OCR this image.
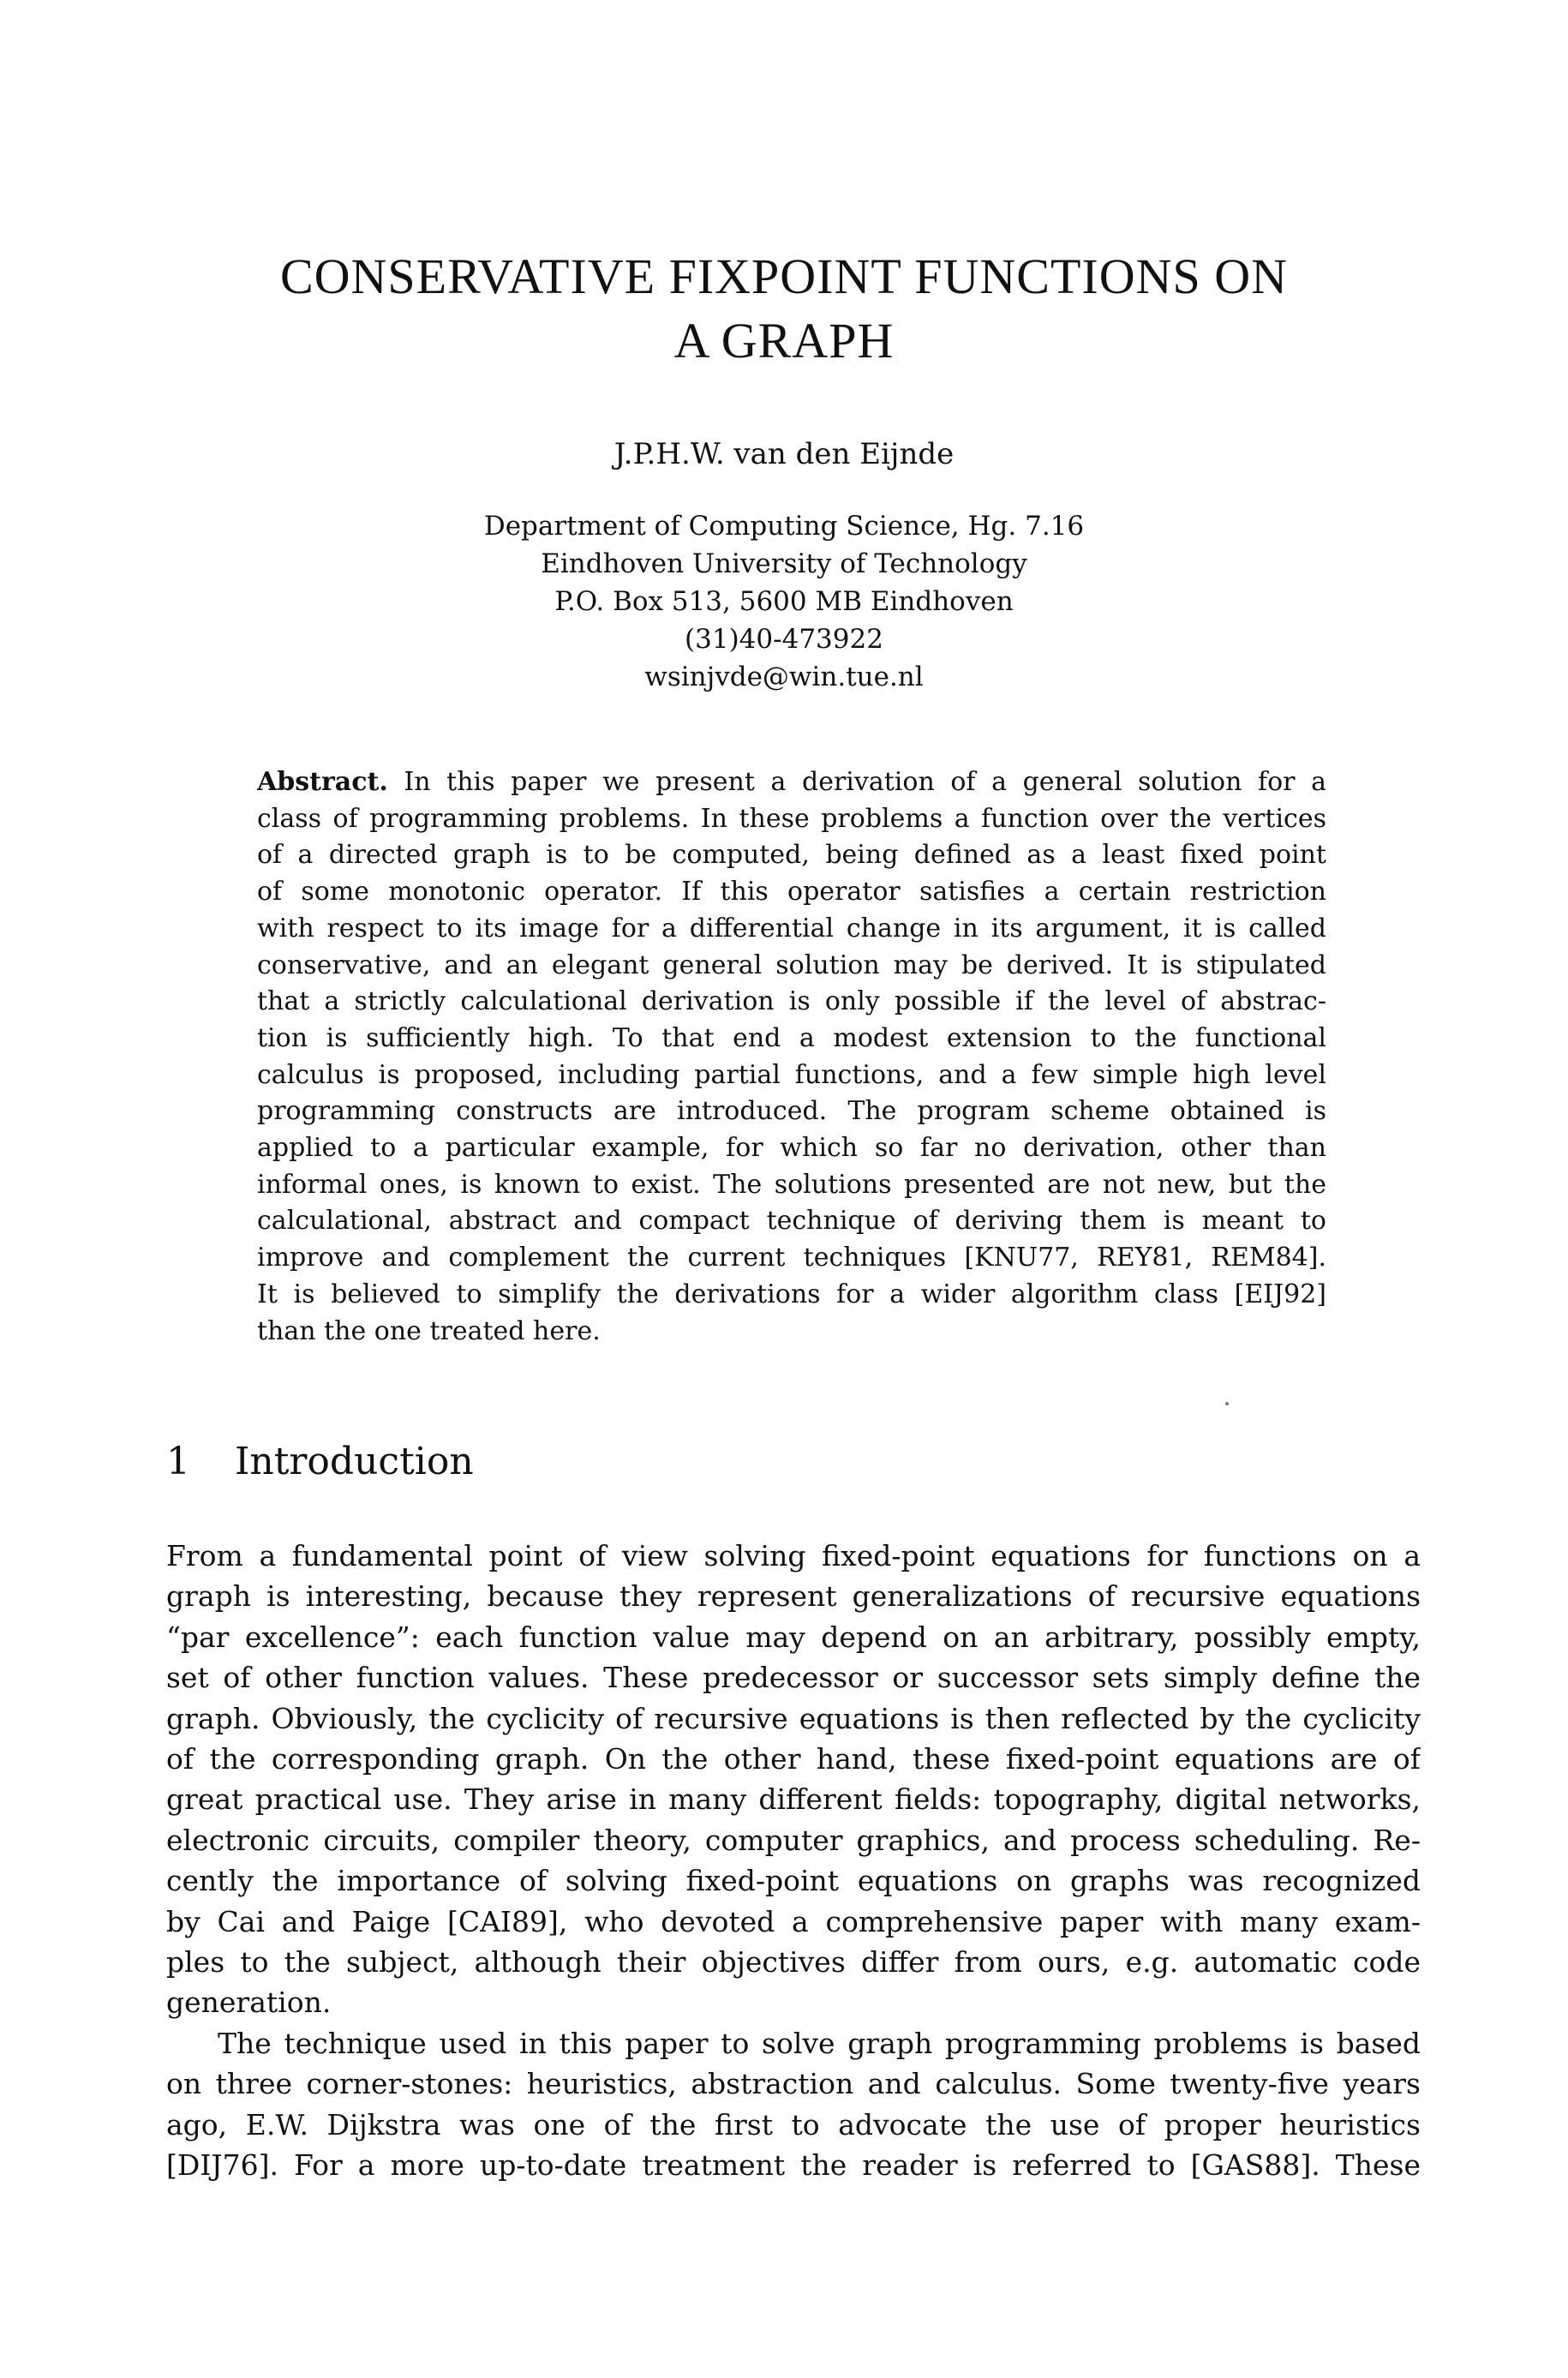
CONSERVATIVE FIXPOINT FUNCTIONS ON
A GRAPH
J.P.H.W. van den Eijnde
Department of Computing Science, Hg. 7.16
Eindhoven University of Technology
P.O. Box 513, 5600 MB Eindhoven
(31)40-473922
wsinjvde@win.tue.nl
Abstract. In this paper we present a derivation of a general solution for a
class of programming problems. In these problems a function over the vertices
of a directed graph is to be computed, being defined as a least fixed point
of some monotonic operator. If this operator satisfies a certain restriction
with respect to its image for a differential change in its argument, it is called
conservative, and an elegant general solution may be derived. It is stipulated
that a strictly calculational derivation is only possible if the level of abstrac-
tion is sufficiently high. To that end a modest extension to the functional
calculus is proposed, including partial functions, and a few simple high level
programming constructs are introduced. The program scheme obtained is
applied to a particular example, for which so far no derivation, other than
informal ones, is known to exist. The solutions presented are not new, but the
calculational, abstract and compact technique of deriving them is meant to
improve and complement the current techniques [KNU77, REY81, REM84].
It is believed to simplify the derivations for a wider algorithm class [EIJ92]
than the one treated here.
1 Introduction
From a fundamental point of view solving fixed-point equations for functions on a
graph is interesting, because they represent generalizations of recursive equations
“par excellence”: each function value may depend on an arbitrary, possibly empty,
set of other function values. These predecessor or successor sets simply define the
graph. Obviously, the cyclicity of recursive equations is then reflected by the cyclicity
of the corresponding graph. On the other hand, these fixed-point equations are of
great practical use. They arise in many different fields: topography, digital networks,
electronic circuits, compiler theory, computer graphics, and process scheduling. Re-
cently the importance of solving fixed-point equations on graphs was recognized
by Cai and Paige [CAI89], who devoted a comprehensive paper with many exam-
ples to the subject, although their objectives differ from ours, e.g. automatic code
generation.
The technique used in this paper to solve graph programming problems is based
on three corner-stones: heuristics, abstraction and calculus. Some twenty-five years
ago, E.W. Dijkstra was one of the first to advocate the use of proper heuristics
[DIJ76]. For a more up-to-date treatment the reader is referred to [GAS88]. These
